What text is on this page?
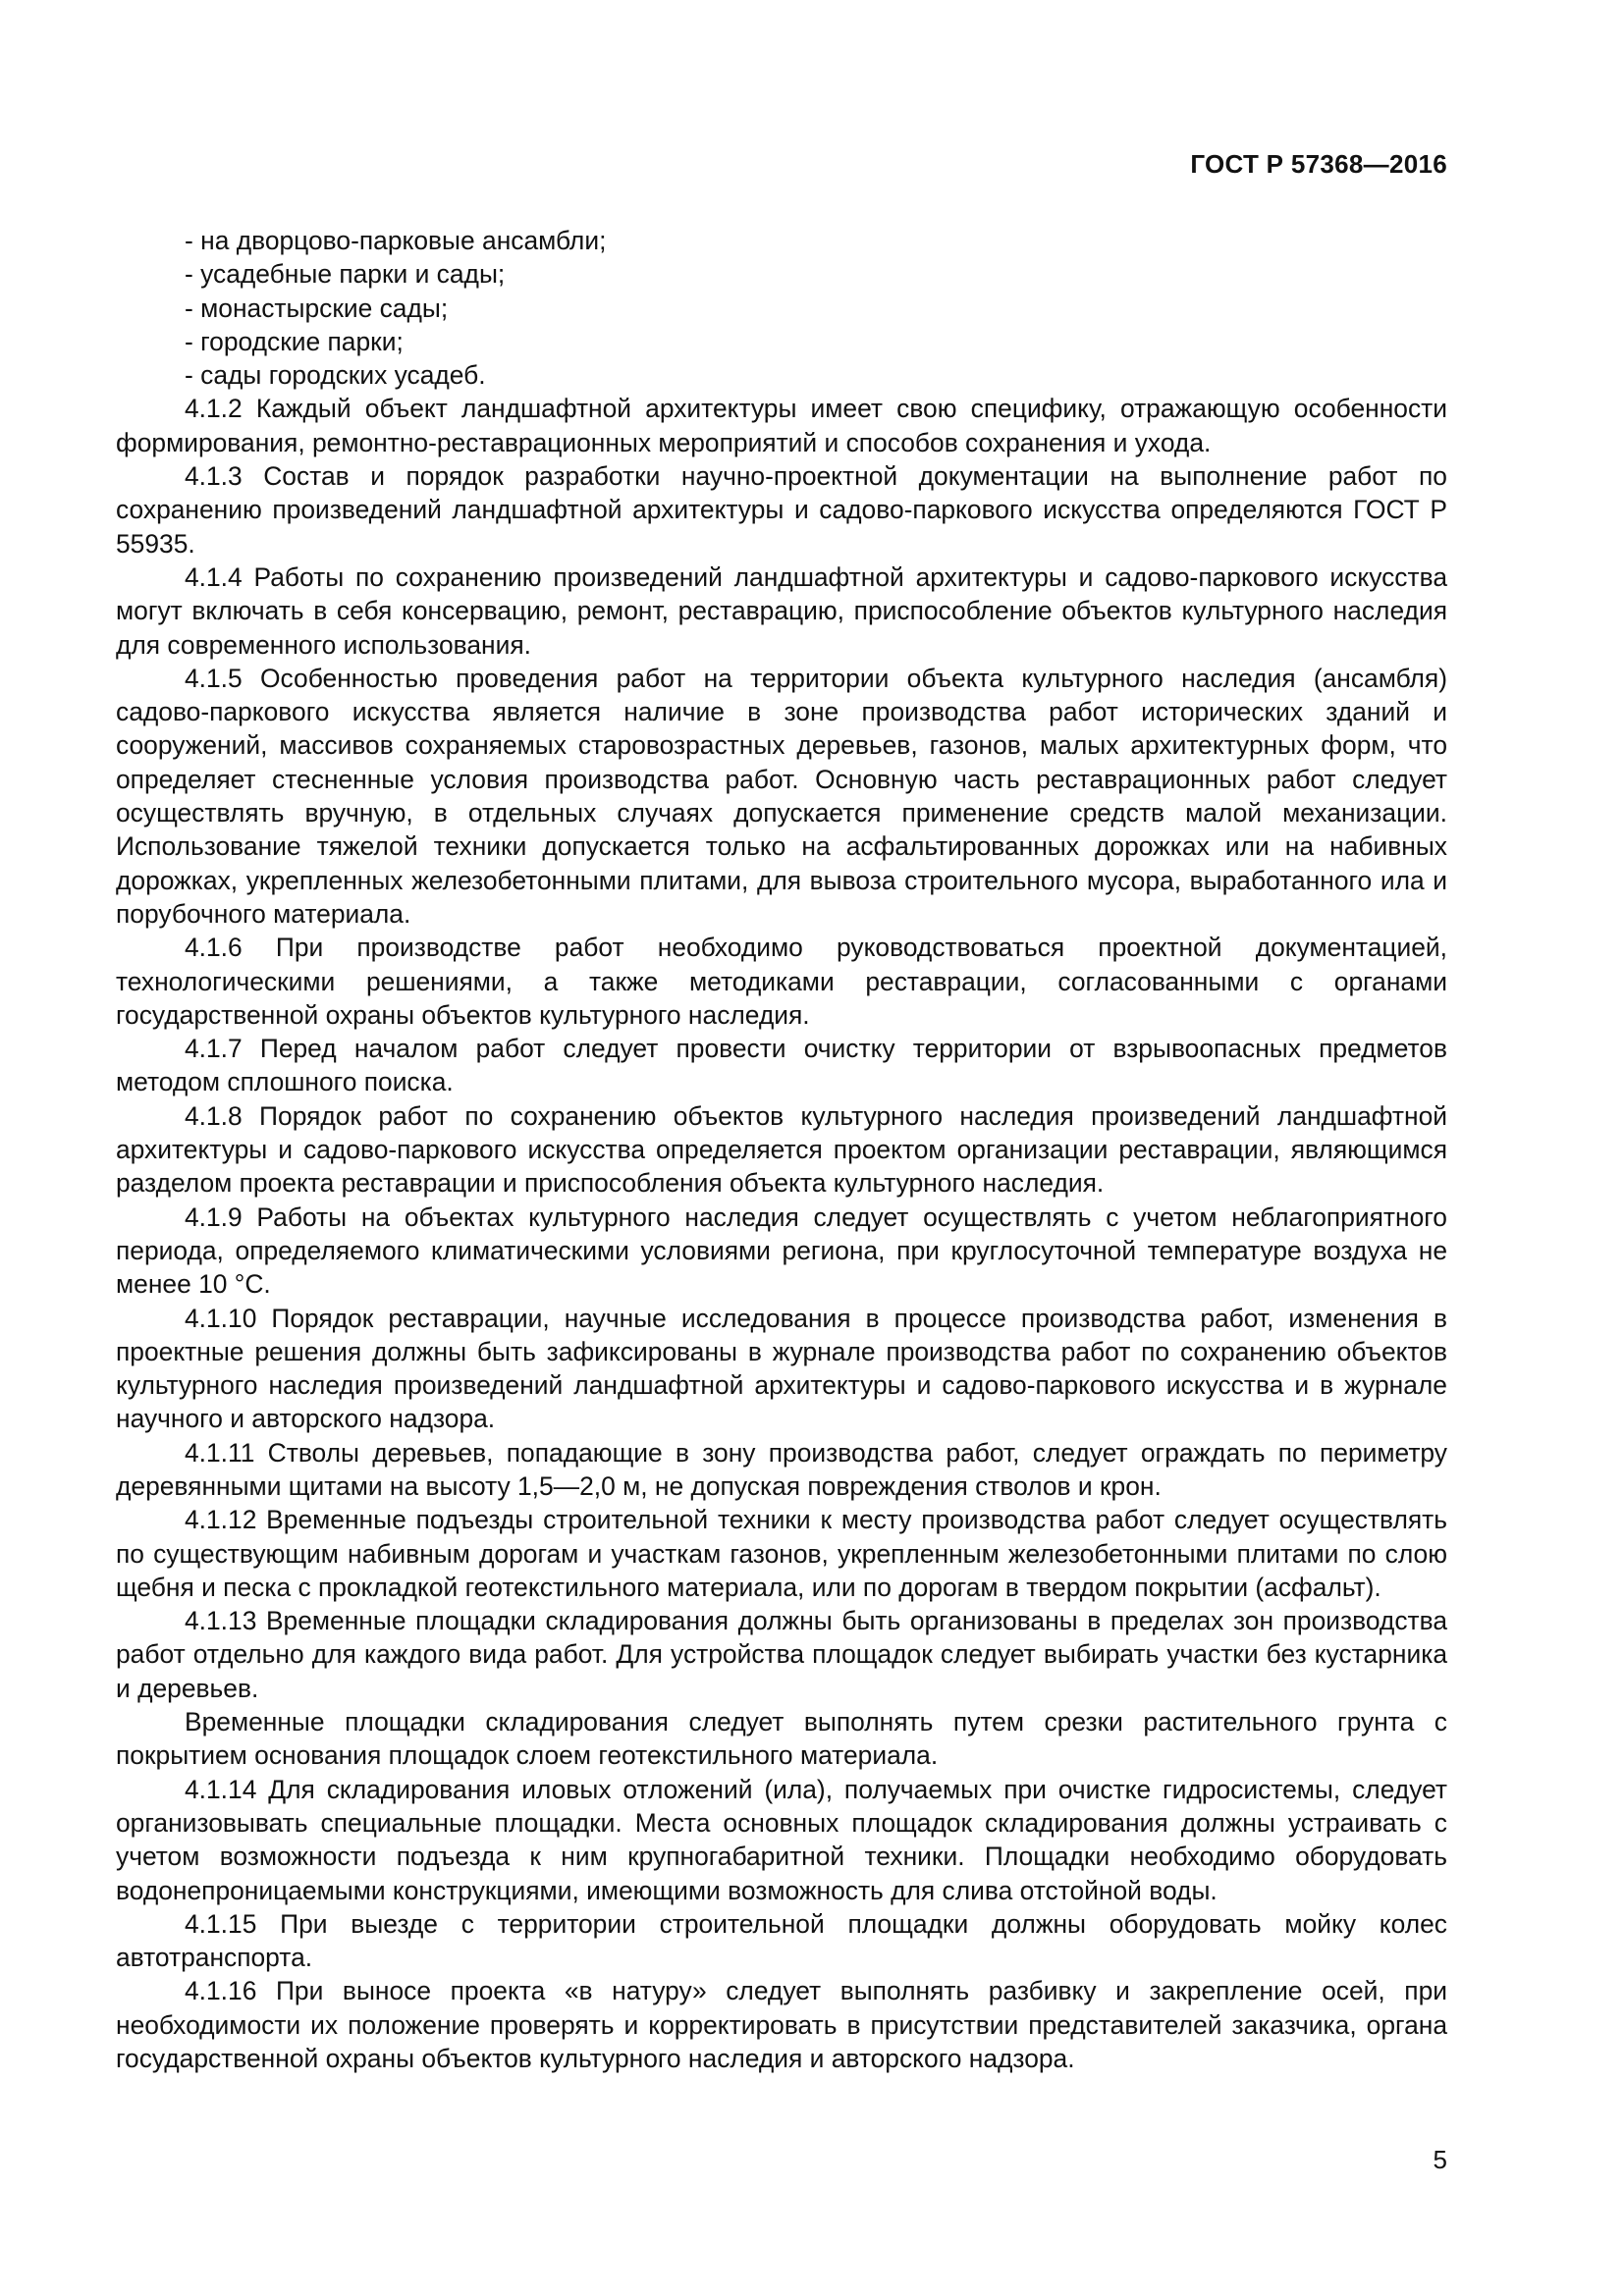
ГОСТ Р 57368—2016

- на дворцово-парковые ансамбли;

- усадебные парки и сады;

- монастырские сады;

- городские парки;

- сады городских усадеб.

4.1.2 Каждый объект ландшафтной архитектуры имеет свою специфику, отражающую особенности формирования, ремонтно-реставрационных мероприятий и способов сохранения и ухода.

4.1.3 Состав и порядок разработки научно-проектной документации на выполнение работ по сохранению произведений ландшафтной архитектуры и садово-паркового искусства определяются ГОСТ Р 55935.

4.1.4 Работы по сохранению произведений ландшафтной архитектуры и садово-паркового искусства могут включать в себя консервацию, ремонт, реставрацию, приспособление объектов культурного наследия для современного использования.

4.1.5 Особенностью проведения работ на территории объекта культурного наследия (ансамбля) садово-паркового искусства является наличие в зоне производства работ исторических зданий и сооружений, массивов сохраняемых старовозрастных деревьев, газонов, малых архитектурных форм, что определяет стесненные условия производства работ. Основную часть реставрационных работ следует осуществлять вручную, в отдельных случаях допускается применение средств малой механизации. Использование тяжелой техники допускается только на асфальтированных дорожках или на набивных дорожках, укрепленных железобетонными плитами, для вывоза строительного мусора, выработанного ила и порубочного материала.

4.1.6 При производстве работ необходимо руководствоваться проектной документацией, технологическими решениями, а также методиками реставрации, согласованными с органами государственной охраны объектов культурного наследия.

4.1.7 Перед началом работ следует провести очистку территории от взрывоопасных предметов методом сплошного поиска.

4.1.8 Порядок работ по сохранению объектов культурного наследия произведений ландшафтной архитектуры и садово-паркового искусства определяется проектом организации реставрации, являющимся разделом проекта реставрации и приспособления объекта культурного наследия.

4.1.9 Работы на объектах культурного наследия следует осуществлять с учетом неблагоприятного периода, определяемого климатическими условиями региона, при круглосуточной температуре воздуха не менее 10 °С.

4.1.10 Порядок реставрации, научные исследования в процессе производства работ, изменения в проектные решения должны быть зафиксированы в журнале производства работ по сохранению объектов культурного наследия произведений ландшафтной архитектуры и садово-паркового искусства и в журнале научного и авторского надзора.

4.1.11 Стволы деревьев, попадающие в зону производства работ, следует ограждать по периметру деревянными щитами на высоту 1,5—2,0 м, не допуская повреждения стволов и крон.

4.1.12 Временные подъезды строительной техники к месту производства работ следует осуществлять по существующим набивным дорогам и участкам газонов, укрепленным железобетонными плитами по слою щебня и песка с прокладкой геотекстильного материала, или по дорогам в твердом покрытии (асфальт).

4.1.13 Временные площадки складирования должны быть организованы в пределах зон производства работ отдельно для каждого вида работ. Для устройства площадок следует выбирать участки без кустарника и деревьев.

Временные площадки складирования следует выполнять путем срезки растительного грунта с покрытием основания площадок слоем геотекстильного материала.

4.1.14 Для складирования иловых отложений (ила), получаемых при очистке гидросистемы, следует организовывать специальные площадки. Места основных площадок складирования должны устраивать с учетом возможности подъезда к ним крупногабаритной техники. Площадки необходимо оборудовать водонепроницаемыми конструкциями, имеющими возможность для слива отстойной воды.

4.1.15 При выезде с территории строительной площадки должны оборудовать мойку колес автотранспорта.

4.1.16 При выносе проекта «в натуру» следует выполнять разбивку и закрепление осей, при необходимости их положение проверять и корректировать в присутствии представителей заказчика, органа государственной охраны объектов культурного наследия и авторского надзора.

5
